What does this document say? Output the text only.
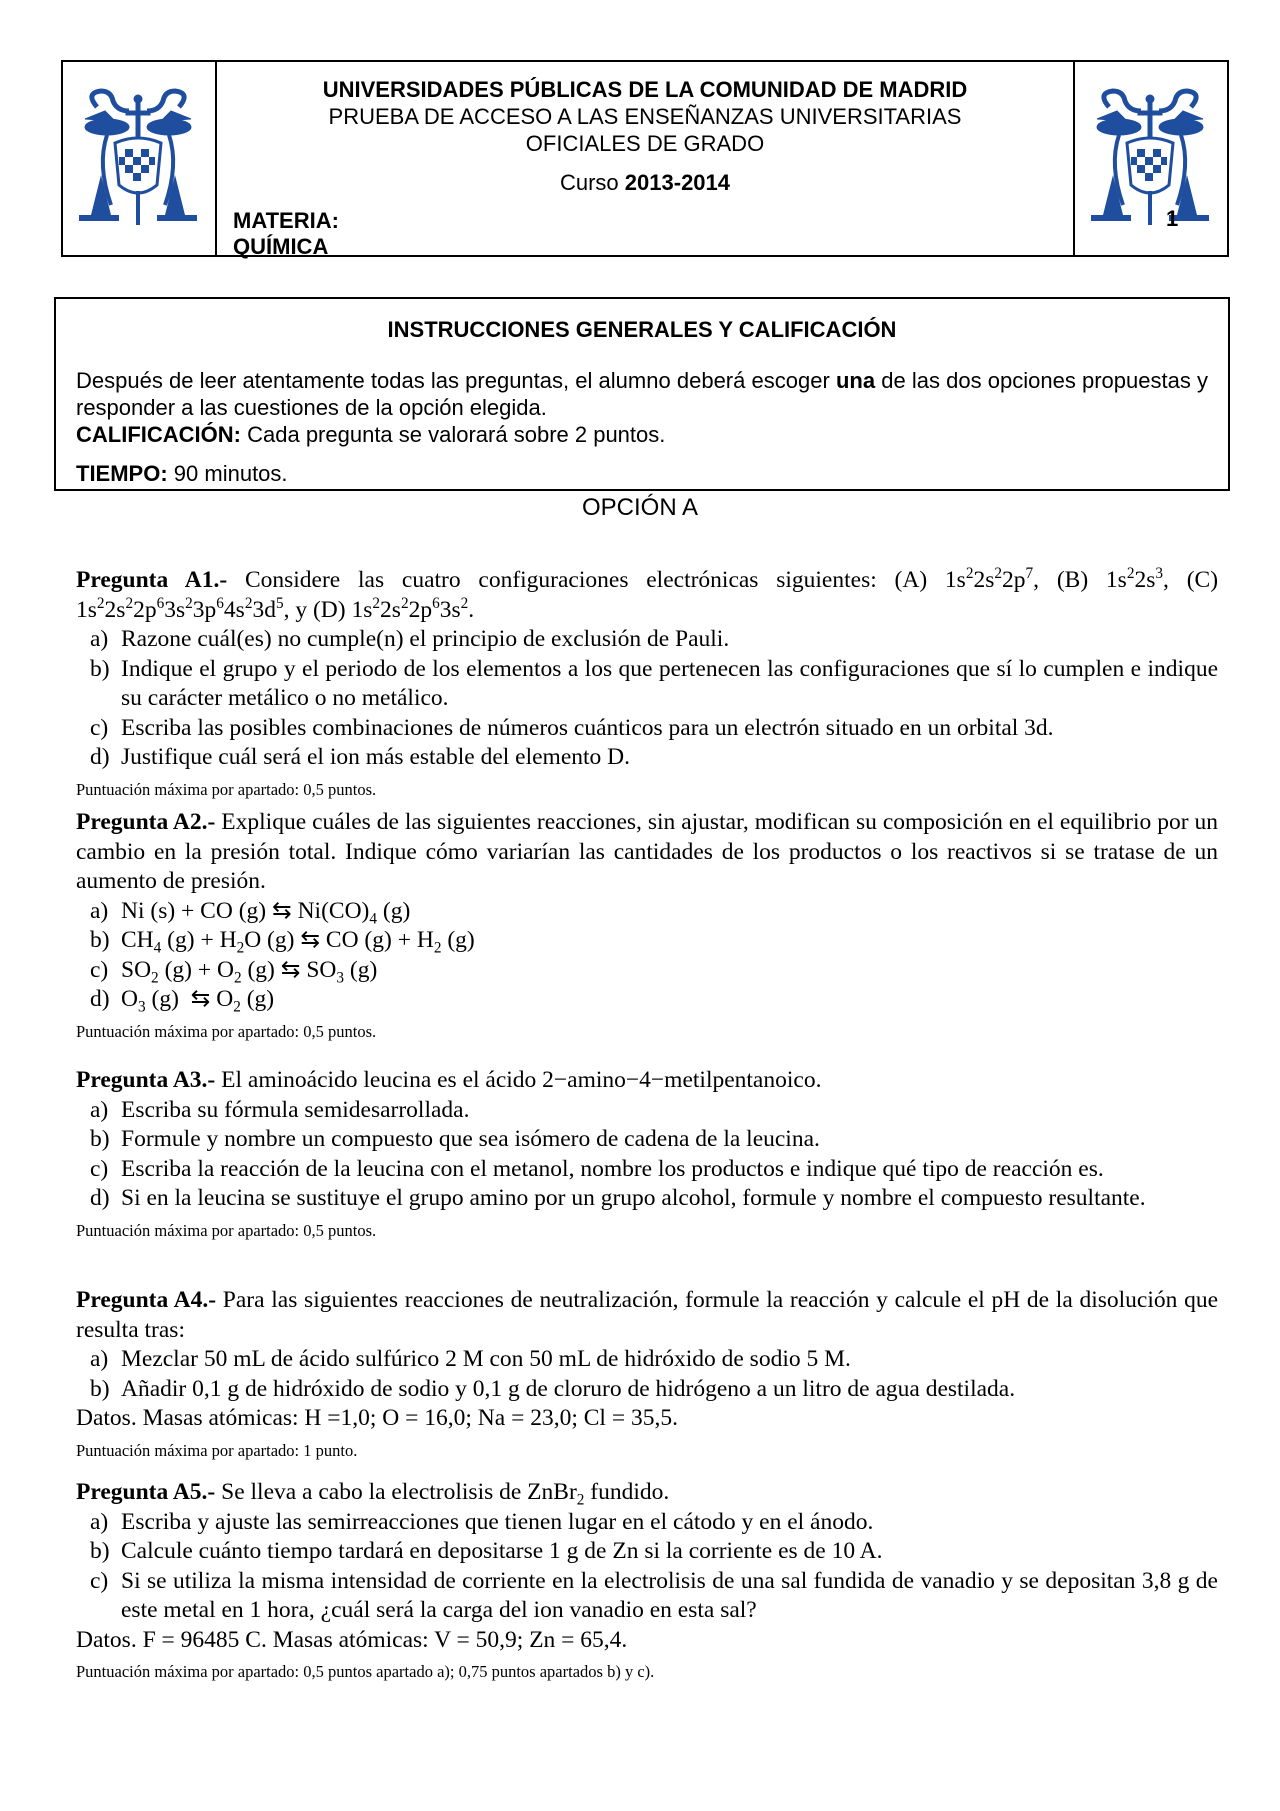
UNIVERSIDADES PÚBLICAS DE LA COMUNIDAD DE MADRID
PRUEBA DE ACCESO A LAS ENSEÑANZAS UNIVERSITARIAS
OFICIALES DE GRADO
Curso 2013-2014
MATERIA: QUÍMICA
1
INSTRUCCIONES GENERALES Y CALIFICACIÓN
Después de leer atentamente todas las preguntas, el alumno deberá escoger una de las dos opciones propuestas y responder a las cuestiones de la opción elegida.
CALIFICACIÓN: Cada pregunta se valorará sobre 2 puntos.
TIEMPO: 90 minutos.
OPCIÓN A

Pregunta A1.- Considere las cuatro configuraciones electrónicas siguientes: (A) $1s^22s^22p^7$, (B) $1s^22s^3$, (C) $1s^22s^22p^63s^23p^64s^23d^5$, y (D) $1s^22s^22p^63s^2$.

a) Razone cuál(es) no cumple(n) el principio de exclusión de Pauli.
b) Indique el grupo y el periodo de los elementos a los que pertenecen las configuraciones que sí lo cumplen e indique su carácter metálico o no metálico.
c) Escriba las posibles combinaciones de números cuánticos para un electrón situado en un orbital 3d.
d) Justifique cuál será el ion más estable del elemento D.
Puntuación máxima por apartado: 0,5 puntos.

Pregunta A2.- Explique cuáles de las siguientes reacciones, sin ajustar, modifican su composición en el equilibrio por un cambio en la presión total. Indique cómo variarían las cantidades de los productos o los reactivos si se tratase de un aumento de presión.

a) Ni (s) + CO (g) ⇆ $Ni(CO)_4$ (g)
b) $CH_4$ $(g) + H_2O$ (g) ⇆ CO $(g) + H_2$ (g)
c) $SO_2$ $(g) + O_2$ (g) ⇆ $SO_3$ (g)
d) $O_3$ (g)  ⇆ $O_2$ (g)
Puntuación máxima por apartado: 0,5 puntos.

Pregunta A3.- El aminoácido leucina es el ácido 2−amino−4−metilpentanoico.

a) Escriba su fórmula semidesarrollada.
b) Formule y nombre un compuesto que sea isómero de cadena de la leucina.
c) Escriba la reacción de la leucina con el metanol, nombre los productos e indique qué tipo de reacción es.
d) Si en la leucina se sustituye el grupo amino por un grupo alcohol, formule y nombre el compuesto resultante.
Puntuación máxima por apartado: 0,5 puntos.

Pregunta A4.- Para las siguientes reacciones de neutralización, formule la reacción y calcule el pH de la disolución que resulta tras:

a) Mezclar 50 mL de ácido sulfúrico 2 M con 50 mL de hidróxido de sodio 5 M.
b) Añadir 0,1 g de hidróxido de sodio y 0,1 g de cloruro de hidrógeno a un litro de agua destilada.

Datos. Masas atómicas: H =1,0; O = 16,0; Na = 23,0; Cl = 35,5.

Puntuación máxima por apartado: 1 punto.

Pregunta A5.- Se lleva a cabo la electrolisis de ZnBr$_2$ fundido.

a) Escriba y ajuste las semirreacciones que tienen lugar en el cátodo y en el ánodo.
b) Calcule cuánto tiempo tardará en depositarse 1 g de Zn si la corriente es de 10 A.
c) Si se utiliza la misma intensidad de corriente en la electrolisis de una sal fundida de vanadio y se depositan 3,8 g de este metal en 1 hora, ¿cuál será la carga del ion vanadio en esta sal?

Datos. F = 96485 C. Masas atómicas: V = 50,9; Zn = 65,4.

Puntuación máxima por apartado: 0,5 puntos apartado a); 0,75 puntos apartados b) y c).
